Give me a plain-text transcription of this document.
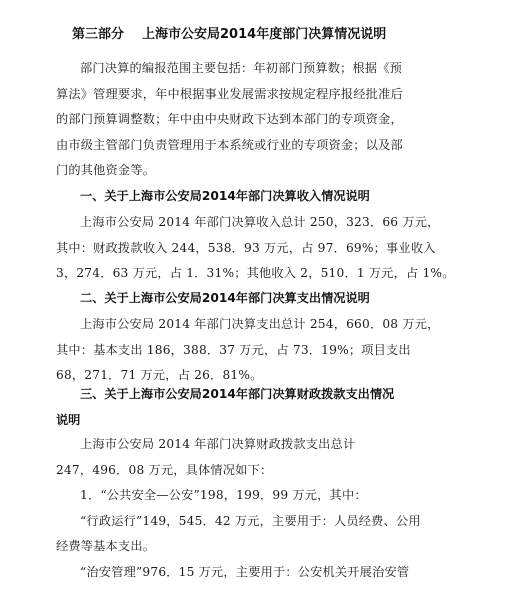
第三部分 上海市公安局2014年度部门决算情况说明
部门决算的编报范围主要包括：年初部门预算数；根据《预
算法》管理要求，年中根据事业发展需求按规定程序报经批准后
的部门预算调整数；年中由中央财政下达到本部门的专项资金，
由市级主管部门负责管理用于本系统或行业的专项资金；以及部
门的其他资金等。
一、关于上海市公安局2014年部门决算收入情况说明
上海市公安局 2014 年部门决算收入总计 250，323．66 万元，
其中：财政拨款收入 244，538．93 万元，占 97．69%；事业收入
3，274．63 万元，占 1．31%；其他收入 2，510．1 万元，占 1%。
二、关于上海市公安局2014年部门决算支出情况说明
上海市公安局 2014 年部门决算支出总计 254，660．08 万元，
其中：基本支出 186，388．37 万元，占 73．19%；项目支出
68，271．71 万元，占 26．81%。
三、关于上海市公安局2014年部门决算财政拨款支出情况
说明
上海市公安局 2014 年部门决算财政拨款支出总计
247，496．08 万元，具体情况如下：
1．“公共安全—公安”198，199．99 万元，其中：
“行政运行”149，545．42 万元，主要用于：人员经费、公用
经费等基本支出。
“治安管理”976．15 万元，主要用于：公安机关开展治安管
